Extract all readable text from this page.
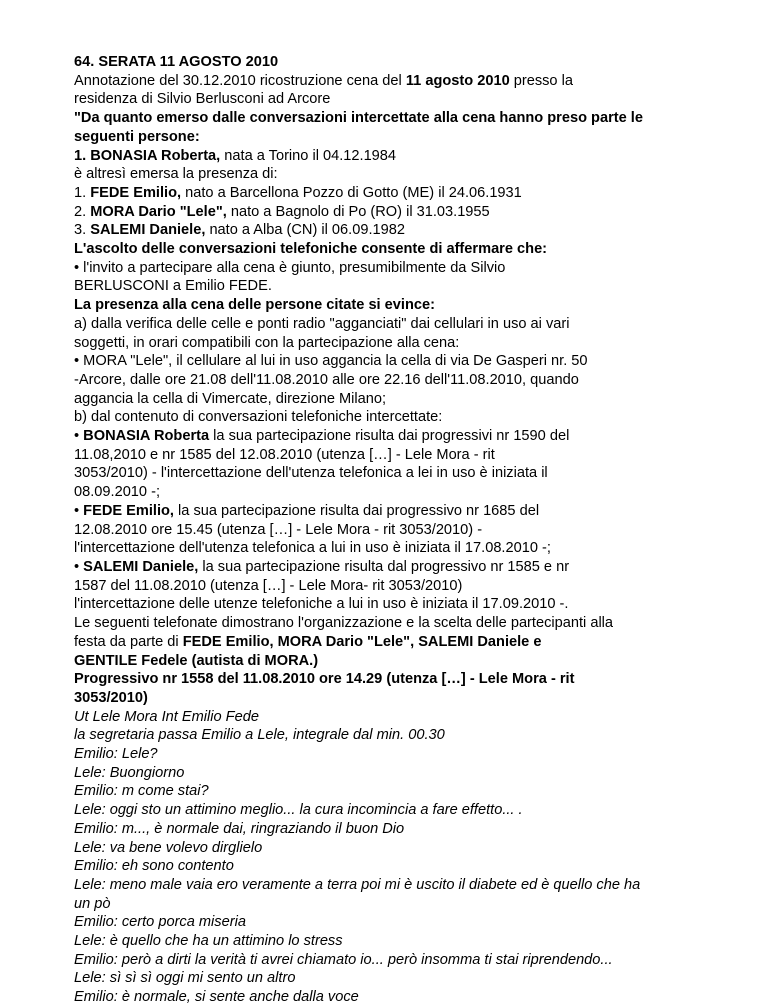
64. SERATA 11 AGOSTO 2010
Annotazione del 30.12.2010 ricostruzione cena del 11 agosto 2010 presso la
residenza di Silvio Berlusconi ad Arcore
"Da quanto emerso dalle conversazioni intercettate alla cena hanno preso parte le
seguenti persone:
1. BONASIA Roberta, nata a Torino il 04.12.1984
è altresì emersa la presenza di:
1. FEDE Emilio, nato a Barcellona Pozzo di Gotto (ME) il 24.06.1931
2. MORA Dario "Lele", nato a Bagnolo di Po (RO) il 31.03.1955
3. SALEMI Daniele, nato a Alba (CN) il 06.09.1982
L'ascolto delle conversazioni telefoniche consente di affermare che:
• l'invito a partecipare alla cena è giunto, presumibilmente da Silvio
BERLUSCONI a Emilio FEDE.
La presenza alla cena delle persone citate si evince:
a) dalla verifica delle celle e ponti radio "agganciati" dai cellulari in uso ai vari
soggetti, in orari compatibili con la partecipazione alla cena:
• MORA "Lele", il cellulare al lui in uso aggancia la cella di via De Gasperi nr. 50
-Arcore, dalle ore 21.08 dell'11.08.2010 alle ore 22.16 dell'11.08.2010, quando
aggancia la cella di Vimercate, direzione Milano;
b) dal contenuto di conversazioni telefoniche intercettate:
• BONASIA Roberta la sua partecipazione risulta dai progressivi nr 1590 del
11.08,2010 e nr 1585 del 12.08.2010 (utenza […] - Lele Mora - rit
3053/2010) - l'intercettazione dell'utenza telefonica a lei in uso è iniziata il
08.09.2010 -;
• FEDE Emilio, la sua partecipazione risulta dai progressivo nr 1685 del
12.08.2010 ore 15.45 (utenza […] - Lele Mora - rit 3053/2010) -
l'intercettazione dell'utenza telefonica a lui in uso è iniziata il 17.08.2010 -;
• SALEMI Daniele, la sua partecipazione risulta dal progressivo nr 1585 e nr
1587 del 11.08.2010 (utenza […] - Lele Mora- rit 3053/2010)
l'intercettazione delle utenze telefoniche a lui in uso è iniziata il 17.09.2010 -.
Le seguenti telefonate dimostrano l'organizzazione e la scelta delle partecipanti alla
festa da parte di FEDE Emilio, MORA Dario "Lele", SALEMI Daniele e
GENTILE Fedele (autista di MORA.)
Progressivo nr 1558 del 11.08.2010 ore 14.29 (utenza […] - Lele Mora - rit
3053/2010)
Ut Lele Mora Int Emilio Fede
la segretaria passa Emilio a Lele, integrale dal min. 00.30
Emilio: Lele?
Lele: Buongiorno
Emilio: m come stai?
Lele: oggi sto un attimino meglio... la cura incomincia a fare effetto... .
Emilio: m..., è normale dai, ringraziando il buon Dio
Lele: va bene volevo dirglielo
Emilio: eh sono contento
Lele: meno male vaia ero veramente a terra poi mi è uscito il diabete ed è quello che ha
un pò
Emilio: certo porca miseria
Lele: è quello che ha un attimino lo stress
Emilio: però a dirti la verità ti avrei chiamato io... però insomma ti stai riprendendo...
Lele: sì sì sì oggi mi sento un altro
Emilio: è normale, si sente anche dalla voce
